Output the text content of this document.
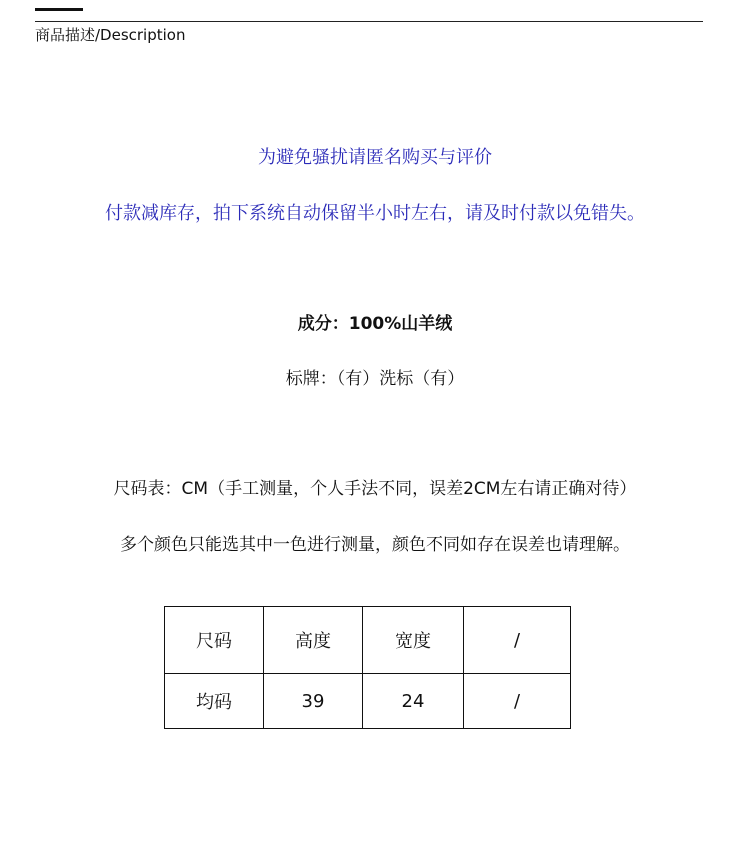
商品描述/Description
为避免骚扰请匿名购买与评价
付款减库存，拍下系统自动保留半小时左右，请及时付款以免错失。
成分：100%山羊绒
标牌：（有）洗标（有）
尺码表：CM（手工测量，个人手法不同，误差2CM左右请正确对待）
多个颜色只能选其中一色进行测量，颜色不同如存在误差也请理解。
尺码	高度	宽度	/
均码	39	24	/
